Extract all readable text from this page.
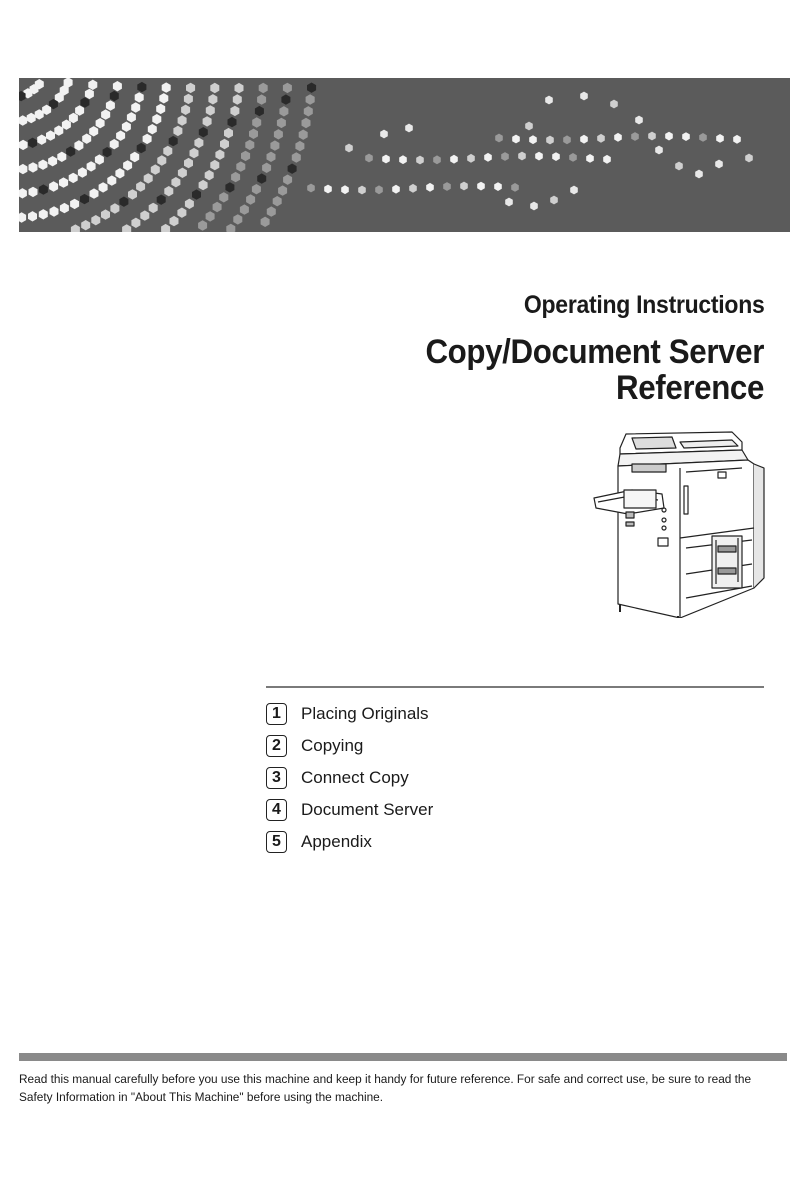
Operating Instructions
Copy/Document Server
Reference
1	Placing Originals
2	Copying
3	Connect Copy
4	Document Server
5	Appendix
Read this manual carefully before you use this machine and keep it handy for future reference. For safe and correct use, be sure to read the Safety Information in "About This Machine" before using the machine.
